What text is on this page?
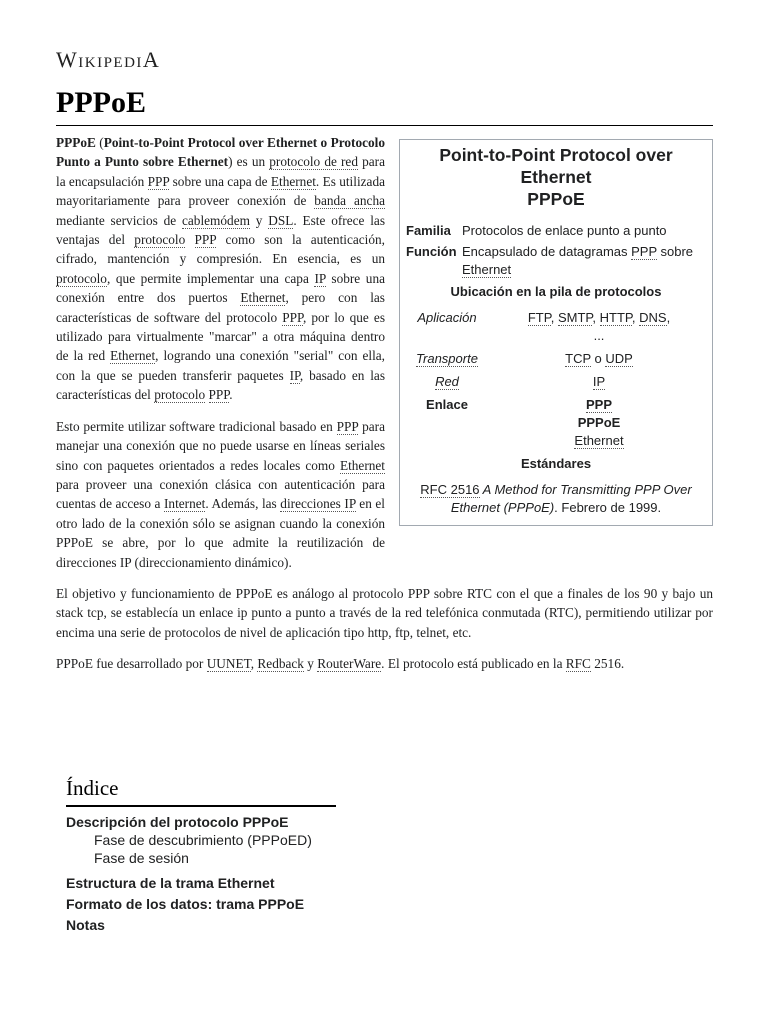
WikipediA
PPPoE
Point-to-Point Protocol over Ethernet
PPPoE
Familia Protocolos de enlace punto a punto
Función Encapsulado de datagramas PPP sobre Ethernet
Ubicación en la pila de protocolos
Aplicación	FTP, SMTP, HTTP, DNS,
...
Transporte	TCP o UDP
Red	IP
Enlace	PPP
PPPoE
Ethernet
Estándares
RFC 2516 A Method for Transmitting PPP Over Ethernet (PPPoE). Febrero de 1999.

PPPoE (Point-to-Point Protocol over Ethernet o Protocolo Punto a Punto sobre Ethernet) es un protocolo de red para la encapsulación PPP sobre una capa de Ethernet. Es utilizada mayoritariamente para proveer conexión de banda ancha mediante servicios de cablemódem y DSL. Este ofrece las ventajas del protocolo PPP como son la autenticación, cifrado, mantención y compresión. En esencia, es un protocolo, que permite implementar una capa IP sobre una conexión entre dos puertos Ethernet, pero con las características de software del protocolo PPP, por lo que es utilizado para virtualmente "marcar" a otra máquina dentro de la red Ethernet, logrando una conexión "serial" con ella, con la que se pueden transferir paquetes IP, basado en las características del protocolo PPP.

Esto permite utilizar software tradicional basado en PPP para manejar una conexión que no puede usarse en líneas seriales sino con paquetes orientados a redes locales como Ethernet para proveer una conexión clásica con autenticación para cuentas de acceso a Internet. Además, las direcciones IP en el otro lado de la conexión sólo se asignan cuando la conexión PPPoE se abre, por lo que admite la reutilización de direcciones IP (direccionamiento dinámico).

El objetivo y funcionamiento de PPPoE es análogo al protocolo PPP sobre RTC con el que a finales de los 90 y bajo un stack tcp, se establecía un enlace ip punto a punto a través de la red telefónica conmutada (RTC), permitiendo utilizar por encima una serie de protocolos de nivel de aplicación tipo http, ftp, telnet, etc.

PPPoE fue desarrollado por UUNET, Redback y RouterWare. El protocolo está publicado en la RFC 2516.

Índice
Descripción del protocolo PPPoE
Fase de descubrimiento (PPPoED)
Fase de sesión
Estructura de la trama Ethernet
Formato de los datos: trama PPPoE
Notas
